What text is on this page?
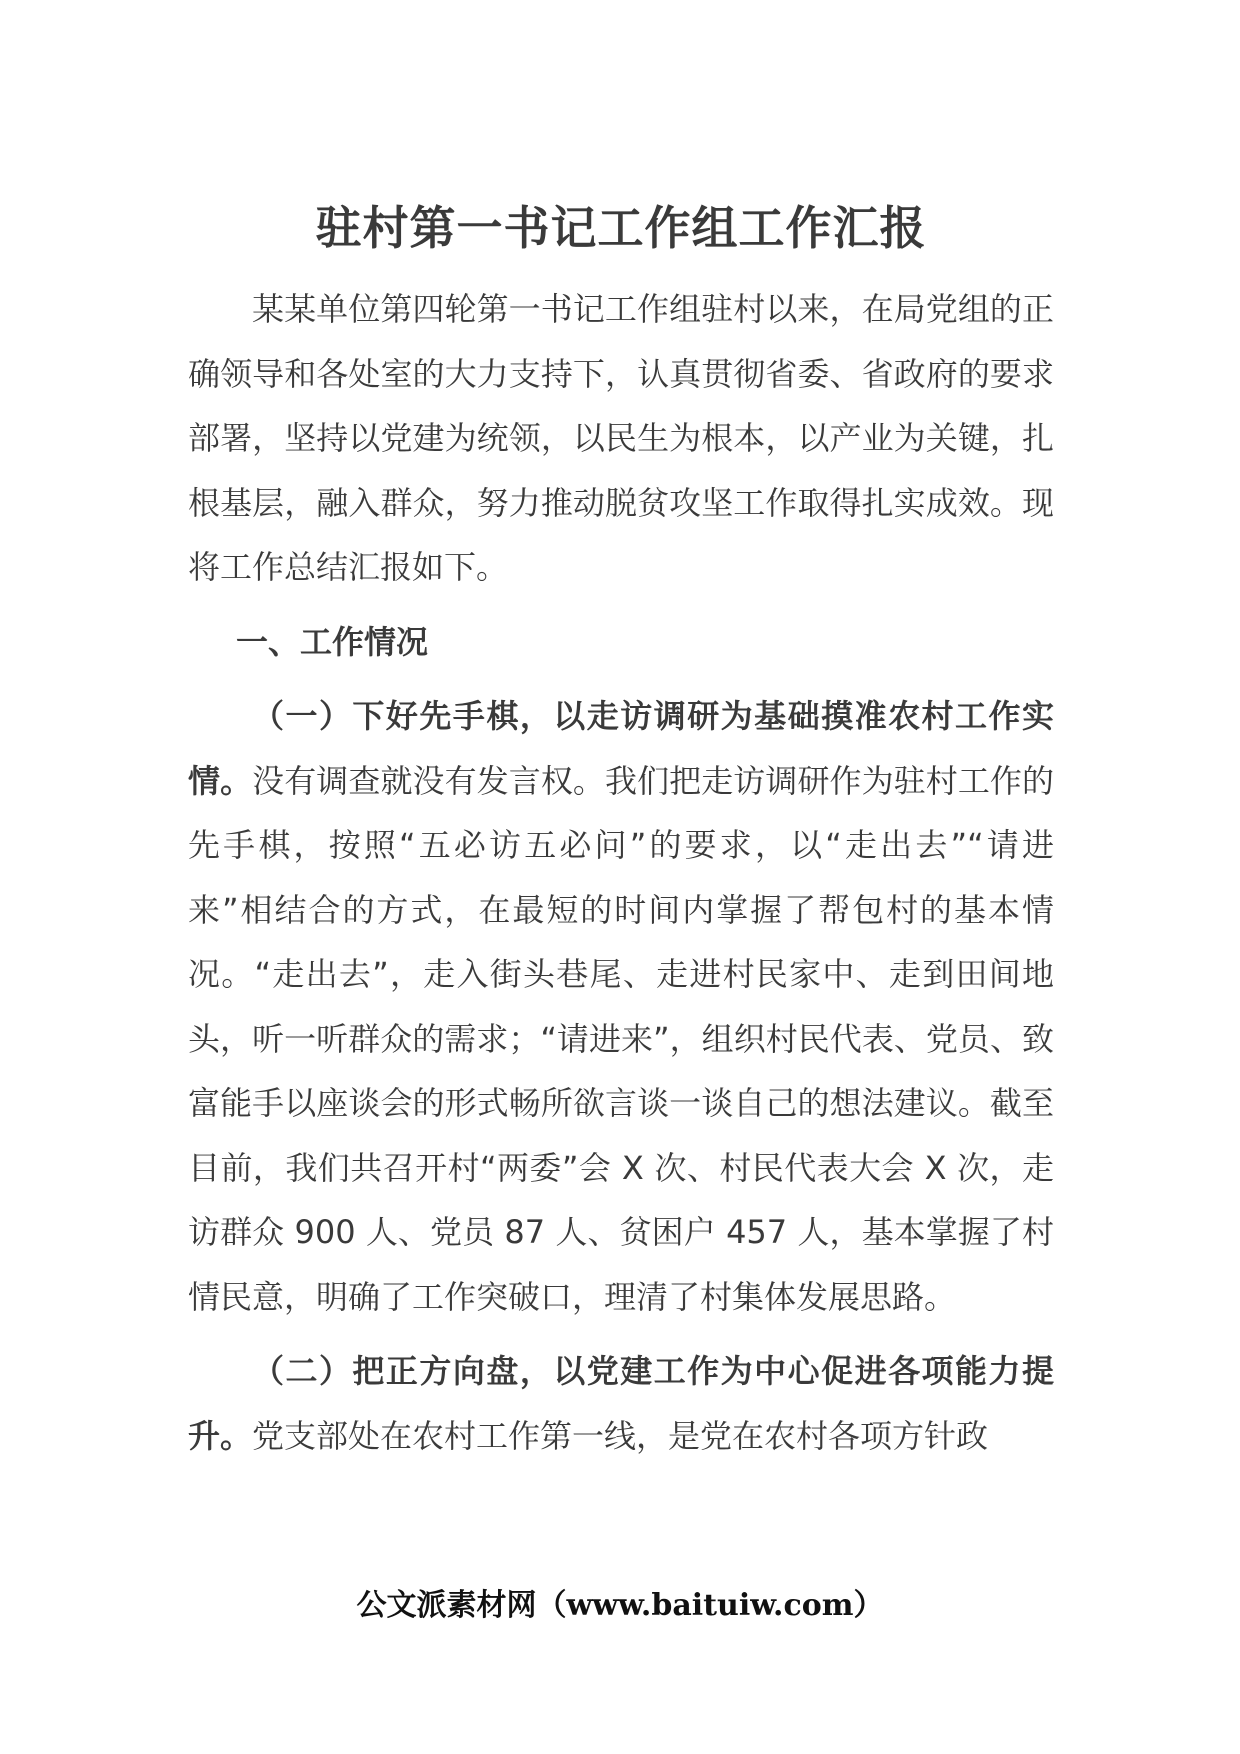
驻村第一书记工作组工作汇报

某某单位第四轮第一书记工作组驻村以来，在局党组的正确领导和各处室的大力支持下，认真贯彻省委、省政府的要求部署，坚持以党建为统领，以民生为根本，以产业为关键，扎根基层，融入群众，努力推动脱贫攻坚工作取得扎实成效。现将工作总结汇报如下。

一、工作情况

（一）下好先手棋，以走访调研为基础摸准农村工作实情。没有调查就没有发言权。我们把走访调研作为驻村工作的先手棋，按照“五必访五必问”的要求，以“走出去”“请进来”相结合的方式，在最短的时间内掌握了帮包村的基本情况。“走出去”，走入街头巷尾、走进村民家中、走到田间地头，听一听群众的需求；“请进来”，组织村民代表、党员、致富能手以座谈会的形式畅所欲言谈一谈自己的想法建议。截至目前，我们共召开村“两委”会 X 次、村民代表大会 X 次，走访群众 900 人、党员 87 人、贫困户 457 人，基本掌握了村情民意，明确了工作突破口，理清了村集体发展思路。

（二）把正方向盘，以党建工作为中心促进各项能力提升。党支部处在农村工作第一线，是党在农村各项方针政

公文派素材网（www.baituiw.com）
